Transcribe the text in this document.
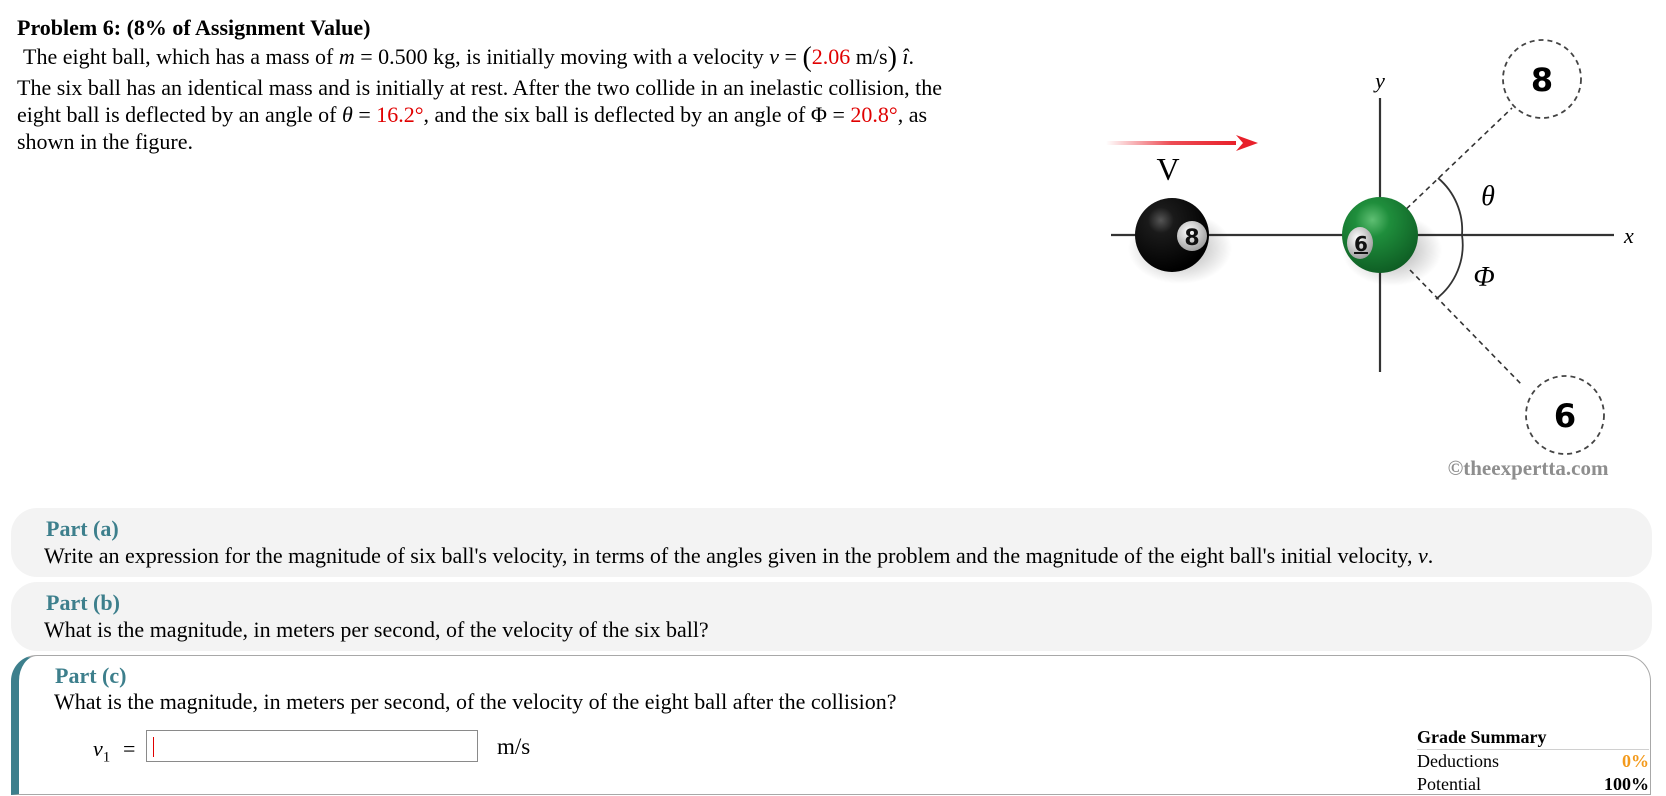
Problem 6: (8% of Assignment Value)
The eight ball, which has a mass of m = 0.500 kg, is initially moving with a velocity v = (2.06 m/s) î.
The six ball has an identical mass and is initially at rest. After the two collide in an inelastic collision, the
eight ball is deflected by an angle of θ = 16.2°, and the six ball is deflected by an angle of Φ = 20.8°, as
shown in the figure.
V
x
y
θ
Φ
8
6
8	6
©theexpertta.com
Part (a)
Write an expression for the magnitude of six ball's velocity, in terms of the angles given in the problem and the magnitude of the eight ball's initial velocity, v.
Part (b)
What is the magnitude, in meters per second, of the velocity of the six ball?
Part (c)
What is the magnitude, in meters per second, of the velocity of the eight ball after the collision?
$v_1$ =	m/s	Grade Summary
Deductions	0%
Potential	100%
